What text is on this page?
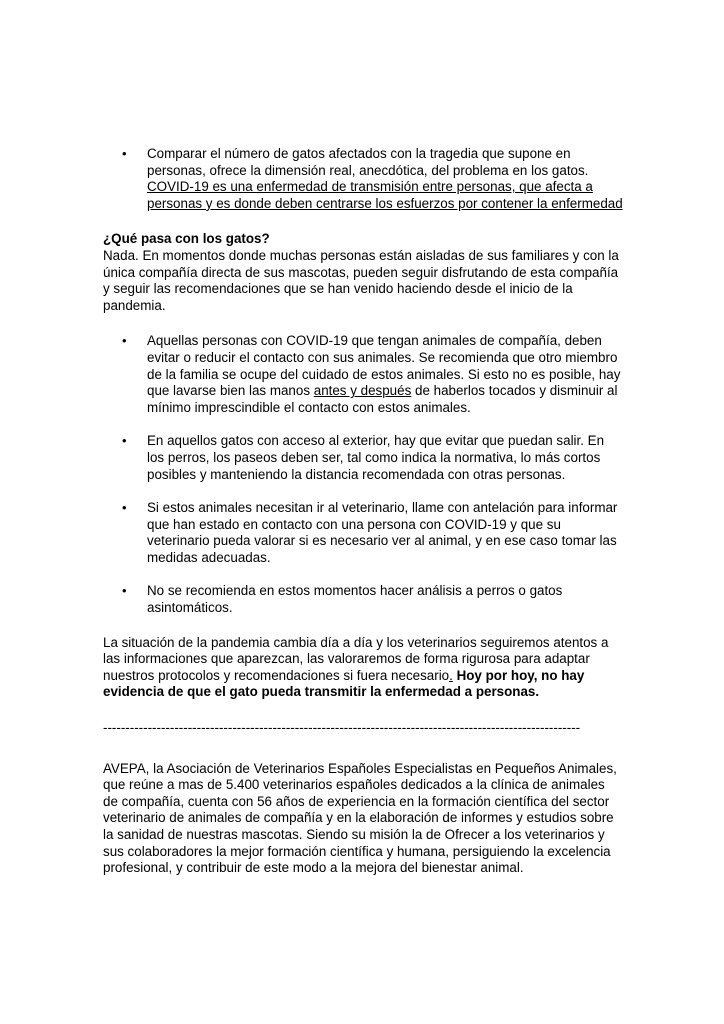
• Comparar el número de gatos afectados con la tragedia que supone en personas, ofrece la dimensión real, anecdótica, del problema en los gatos. COVID-19 es una enfermedad de transmisión entre personas, que afecta a personas y es donde deben centrarse los esfuerzos por contener la enfermedad
¿Qué pasa con los gatos?

Nada. En momentos donde muchas personas están aisladas de sus familiares y con la única compañía directa de sus mascotas, pueden seguir disfrutando de esta compañía y seguir las recomendaciones que se han venido haciendo desde el inicio de la pandemia.

• Aquellas personas con COVID-19 que tengan animales de compañía, deben evitar o reducir el contacto con sus animales. Se recomienda que otro miembro de la familia se ocupe del cuidado de estos animales. Si esto no es posible, hay que lavarse bien las manos antes y después de haberlos tocados y disminuir al mínimo imprescindible el contacto con estos animales.
• En aquellos gatos con acceso al exterior, hay que evitar que puedan salir. En los perros, los paseos deben ser, tal como indica la normativa, lo más cortos posibles y manteniendo la distancia recomendada con otras personas.
• Si estos animales necesitan ir al veterinario, llame con antelación para informar que han estado en contacto con una persona con COVID-19 y que su veterinario pueda valorar si es necesario ver al animal, y en ese caso tomar las medidas adecuadas.
• No se recomienda en estos momentos hacer análisis a perros o gatos asintomáticos.

La situación de la pandemia cambia día a día y los veterinarios seguiremos atentos a las informaciones que aparezcan, las valoraremos de forma rigurosa para adaptar nuestros protocolos y recomendaciones si fuera necesario. Hoy por hoy, no hay evidencia de que el gato pueda transmitir la enfermedad a personas.

-----------------------------------------------------------------------------------------------------------

AVEPA, la Asociación de Veterinarios Españoles Especialistas en Pequeños Animales, que reúne a mas de 5.400 veterinarios españoles dedicados a la clínica de animales de compañía, cuenta con 56 años de experiencia en la formación científica del sector veterinario de animales de compañía y en la elaboración de informes y estudios sobre la sanidad de nuestras mascotas. Siendo su misión la de Ofrecer a los veterinarios y sus colaboradores la mejor formación científica y humana, persiguiendo la excelencia profesional, y contribuir de este modo a la mejora del bienestar animal.
